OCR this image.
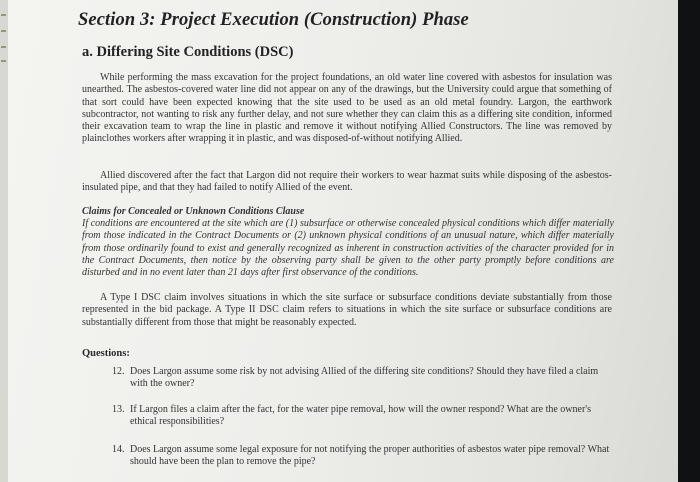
Section 3: Project Execution (Construction) Phase
a. Differing Site Conditions (DSC)

While performing the mass excavation for the project foundations, an old water line covered with asbestos for insulation was unearthed. The asbestos-covered water line did not appear on any of the drawings, but the University could argue that something of that sort could have been expected knowing that the site used to be used as an old metal foundry. Largon, the earthwork subcontractor, not wanting to risk any further delay, and not sure whether they can claim this as a differing site condition, informed their excavation team to wrap the line in plastic and remove it without notifying Allied Constructors. The line was removed by plainclothes workers after wrapping it in plastic, and was disposed-of-without notifying Allied.

Allied discovered after the fact that Largon did not require their workers to wear hazmat suits while disposing of the asbestos-insulated pipe, and that they had failed to notify Allied of the event.

Claims for Concealed or Unknown Conditions Clause

If conditions are encountered at the site which are (1) subsurface or otherwise concealed physical conditions which differ materially from those indicated in the Contract Documents or (2) unknown physical conditions of an unusual nature, which differ materially from those ordinarily found to exist and generally recognized as inherent in construction activities of the character provided for in the Contract Documents, then notice by the observing party shall be given to the other party promptly before conditions are disturbed and in no event later than 21 days after first observance of the conditions.

A Type I DSC claim involves situations in which the site surface or subsurface conditions deviate substantially from those represented in the bid package. A Type II DSC claim refers to situations in which the site surface or subsurface conditions are substantially different from those that might be reasonably expected.

Questions:

12. Does Largon assume some risk by not advising Allied of the differing site conditions? Should they have filed a claim with the owner?
13. If Largon files a claim after the fact, for the water pipe removal, how will the owner respond? What are the owner's ethical responsibilities?
14. Does Largon assume some legal exposure for not notifying the proper authorities of asbestos water pipe removal? What should have been the plan to remove the pipe?
